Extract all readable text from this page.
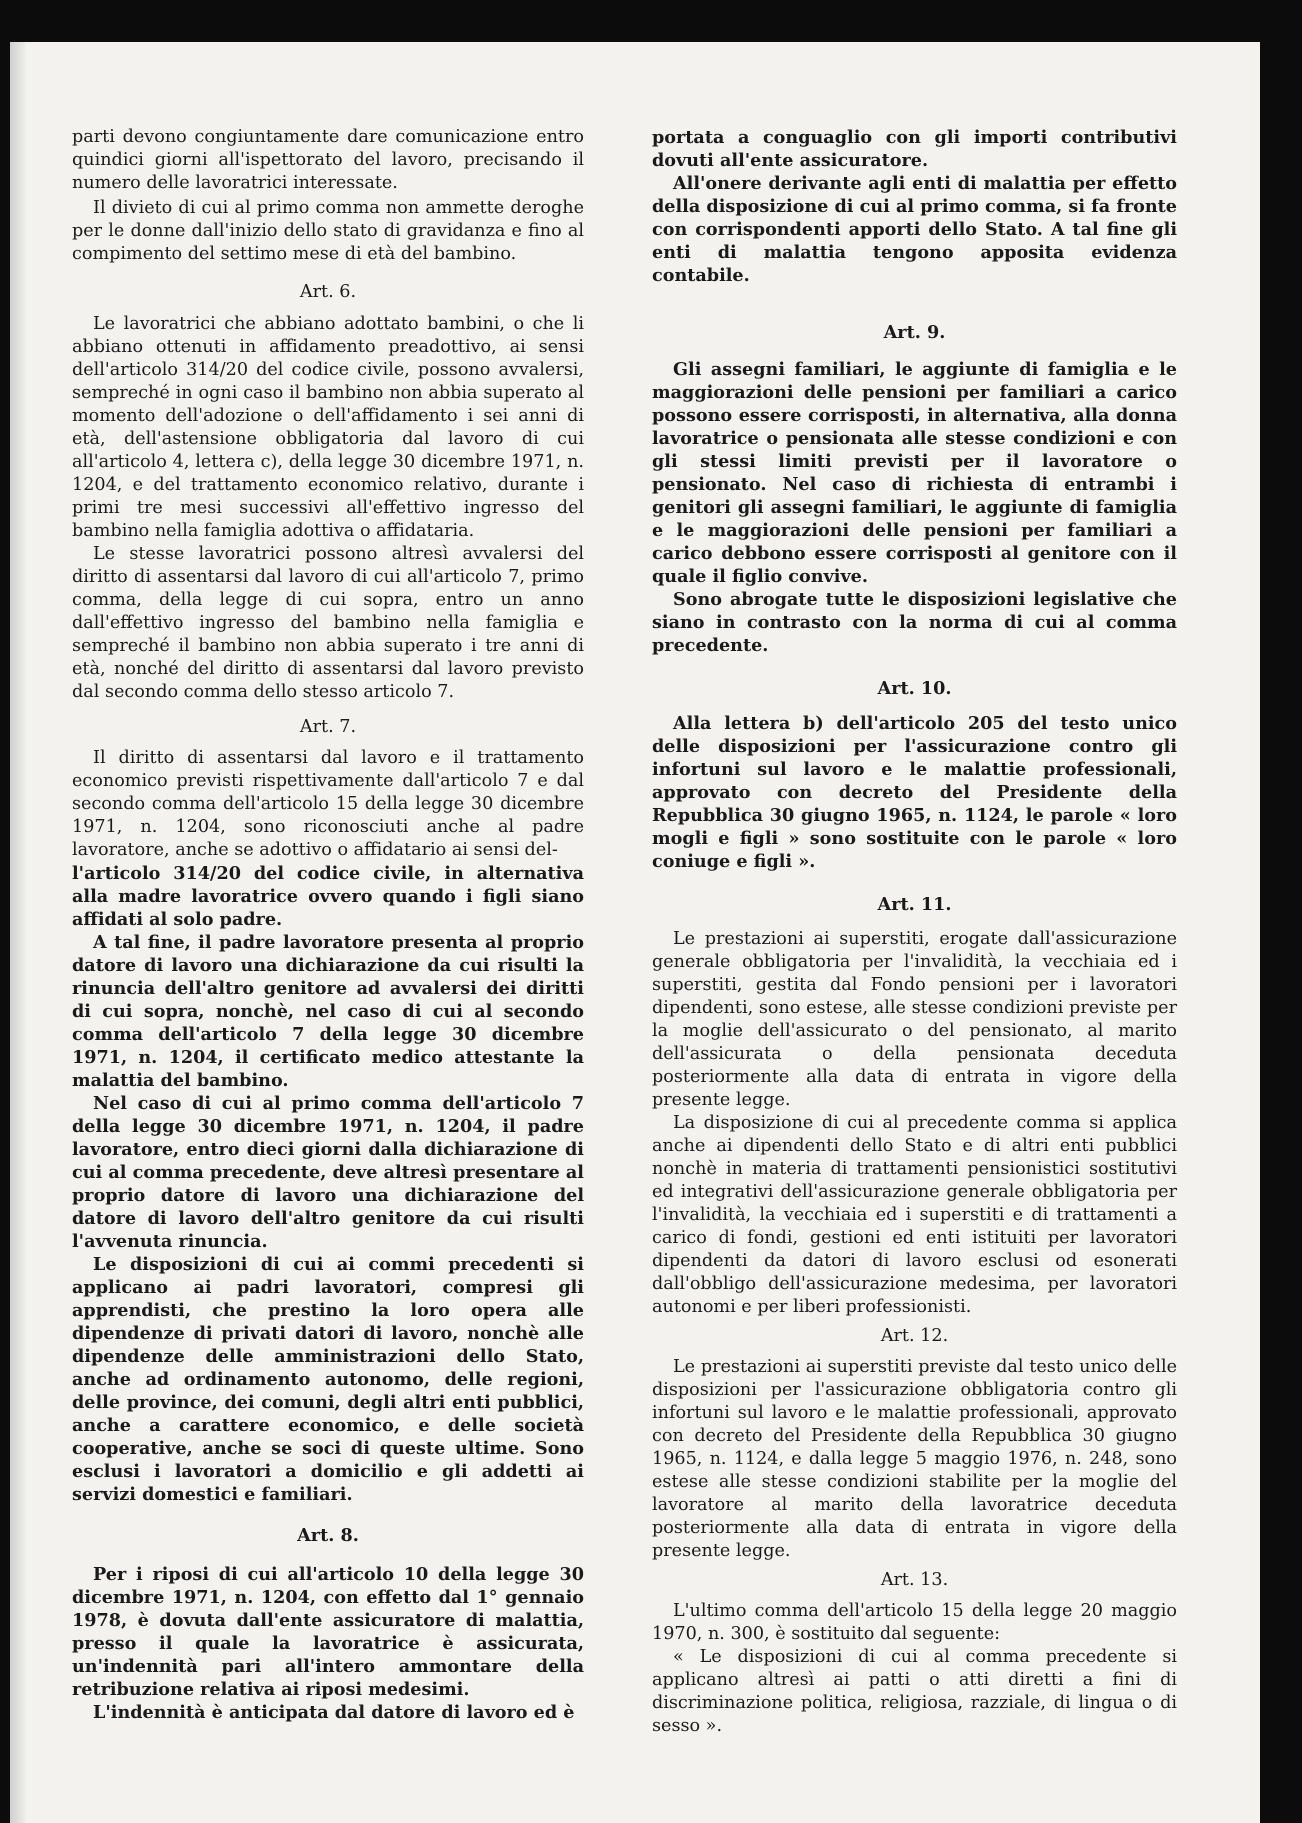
parti devono congiuntamente dare comunicazione entro quindici giorni all'ispettorato del lavoro, precisando il numero delle lavoratrici interessate.

Il divieto di cui al primo comma non ammette deroghe per le donne dall'inizio dello stato di gravidanza e fino al compimento del settimo mese di età del bambino.

Art. 6.

Le lavoratrici che abbiano adottato bambini, o che li abbiano ottenuti in affidamento preadottivo, ai sensi dell'articolo 314/20 del codice civile, possono avvalersi, sempreché in ogni caso il bambino non abbia superato al momento dell'adozione o dell'affidamento i sei anni di età, dell'astensione obbligatoria dal lavoro di cui all'articolo 4, lettera c), della legge 30 dicembre 1971, n. 1204, e del trattamento economico relativo, durante i primi tre mesi successivi all'effettivo ingresso del bambino nella famiglia adottiva o affidataria.

Le stesse lavoratrici possono altresì avvalersi del diritto di assentarsi dal lavoro di cui all'articolo 7, primo comma, della legge di cui sopra, entro un anno dall'effettivo ingresso del bambino nella famiglia e sempreché il bambino non abbia superato i tre anni di età, nonché del diritto di assentarsi dal lavoro previsto dal secondo comma dello stesso articolo 7.

Art. 7.

Il diritto di assentarsi dal lavoro e il trattamento economico previsti rispettivamente dall'articolo 7 e dal secondo comma dell'articolo 15 della legge 30 dicembre 1971, n. 1204, sono riconosciuti anche al padre lavoratore, anche se adottivo o affidatario ai sensi del-

l'articolo 314/20 del codice civile, in alternativa alla madre lavoratrice ovvero quando i figli siano affidati al solo padre.

A tal fine, il padre lavoratore presenta al proprio datore di lavoro una dichiarazione da cui risulti la rinuncia dell'altro genitore ad avvalersi dei diritti di cui sopra, nonchè, nel caso di cui al secondo comma dell'articolo 7 della legge 30 dicembre 1971, n. 1204, il certificato medico attestante la malattia del bambino.

Nel caso di cui al primo comma dell'articolo 7 della legge 30 dicembre 1971, n. 1204, il padre lavoratore, entro dieci giorni dalla dichiarazione di cui al comma precedente, deve altresì presentare al proprio datore di lavoro una dichiarazione del datore di lavoro dell'altro genitore da cui risulti l'avvenuta rinuncia.

Le disposizioni di cui ai commi precedenti si applicano ai padri lavoratori, compresi gli apprendisti, che prestino la loro opera alle dipendenze di privati datori di lavoro, nonchè alle dipendenze delle amministrazioni dello Stato, anche ad ordinamento autonomo, delle regioni, delle province, dei comuni, degli altri enti pubblici, anche a carattere economico, e delle società cooperative, anche se soci di queste ultime. Sono esclusi i lavoratori a domicilio e gli addetti ai servizi domestici e familiari.

Art. 8.

Per i riposi di cui all'articolo 10 della legge 30 dicembre 1971, n. 1204, con effetto dal 1° gennaio 1978, è dovuta dall'ente assicuratore di malattia, presso il quale la lavoratrice è assicurata, un'indennità pari all'intero ammontare della retribuzione relativa ai riposi medesimi.

L'indennità è anticipata dal datore di lavoro ed è

portata a conguaglio con gli importi contributivi dovuti all'ente assicuratore.

All'onere derivante agli enti di malattia per effetto della disposizione di cui al primo comma, si fa fronte con corrispondenti apporti dello Stato. A tal fine gli enti di malattia tengono apposita evidenza contabile.

Art. 9.

Gli assegni familiari, le aggiunte di famiglia e le maggiorazioni delle pensioni per familiari a carico possono essere corrisposti, in alternativa, alla donna lavoratrice o pensionata alle stesse condizioni e con gli stessi limiti previsti per il lavoratore o pensionato. Nel caso di richiesta di entrambi i genitori gli assegni familiari, le aggiunte di famiglia e le maggiorazioni delle pensioni per familiari a carico debbono essere corrisposti al genitore con il quale il figlio convive.

Sono abrogate tutte le disposizioni legislative che siano in contrasto con la norma di cui al comma precedente.

Art. 10.

Alla lettera b) dell'articolo 205 del testo unico delle disposizioni per l'assicurazione contro gli infortuni sul lavoro e le malattie professionali, approvato con decreto del Presidente della Repubblica 30 giugno 1965, n. 1124, le parole « loro mogli e figli » sono sostituite con le parole « loro coniuge e figli ».

Art. 11.

Le prestazioni ai superstiti, erogate dall'assicurazione generale obbligatoria per l'invalidità, la vecchiaia ed i superstiti, gestita dal Fondo pensioni per i lavoratori dipendenti, sono estese, alle stesse condizioni previste per la moglie dell'assicurato o del pensionato, al marito dell'assicurata o della pensionata deceduta posteriormente alla data di entrata in vigore della presente legge.

La disposizione di cui al precedente comma si applica anche ai dipendenti dello Stato e di altri enti pubblici nonchè in materia di trattamenti pensionistici sostitutivi ed integrativi dell'assicurazione generale obbligatoria per l'invalidità, la vecchiaia ed i superstiti e di trattamenti a carico di fondi, gestioni ed enti istituiti per lavoratori dipendenti da datori di lavoro esclusi od esonerati dall'obbligo dell'assicurazione medesima, per lavoratori autonomi e per liberi professionisti.

Art. 12.

Le prestazioni ai superstiti previste dal testo unico delle disposizioni per l'assicurazione obbligatoria contro gli infortuni sul lavoro e le malattie professionali, approvato con decreto del Presidente della Repubblica 30 giugno 1965, n. 1124, e dalla legge 5 maggio 1976, n. 248, sono estese alle stesse condizioni stabilite per la moglie del lavoratore al marito della lavoratrice deceduta posteriormente alla data di entrata in vigore della presente legge.

Art. 13.

L'ultimo comma dell'articolo 15 della legge 20 maggio 1970, n. 300, è sostituito dal seguente:

« Le disposizioni di cui al comma precedente si applicano altresì ai patti o atti diretti a fini di discriminazione politica, religiosa, razziale, di lingua o di sesso ».
